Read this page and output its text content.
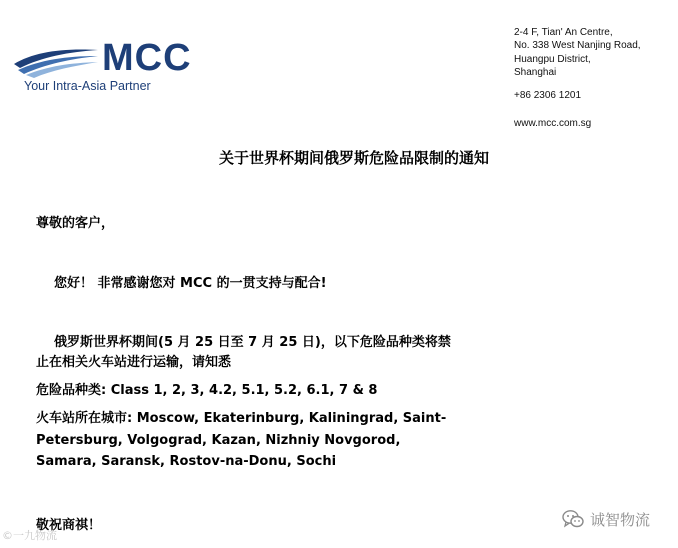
MCC
Your Intra-Asia Partner
2-4 F, Tian' An Centre,
No. 338 West Nanjing Road,
Huangpu District,
Shanghai
+86 2306 1201
www.mcc.com.sg
关于世界杯期间俄罗斯危险品限制的通知
尊敬的客户，
您好！ 非常感谢您对 MCC 的一贯支持与配合!
俄罗斯世界杯期间(5 月 25 日至 7 月 25 日)，以下危险品种类将禁
止在相关火车站进行运输，请知悉
危险品种类: Class 1, 2, 3, 4.2, 5.1, 5.2, 6.1, 7 & 8
火车站所在城市: Moscow, Ekaterinburg, Kaliningrad, Saint-
Petersburg, Volgograd, Kazan, Nizhniy Novgorod,
Samara, Saransk, Rostov-na-Donu, Sochi
敬祝商祺！
©一九物流
诚智物流
